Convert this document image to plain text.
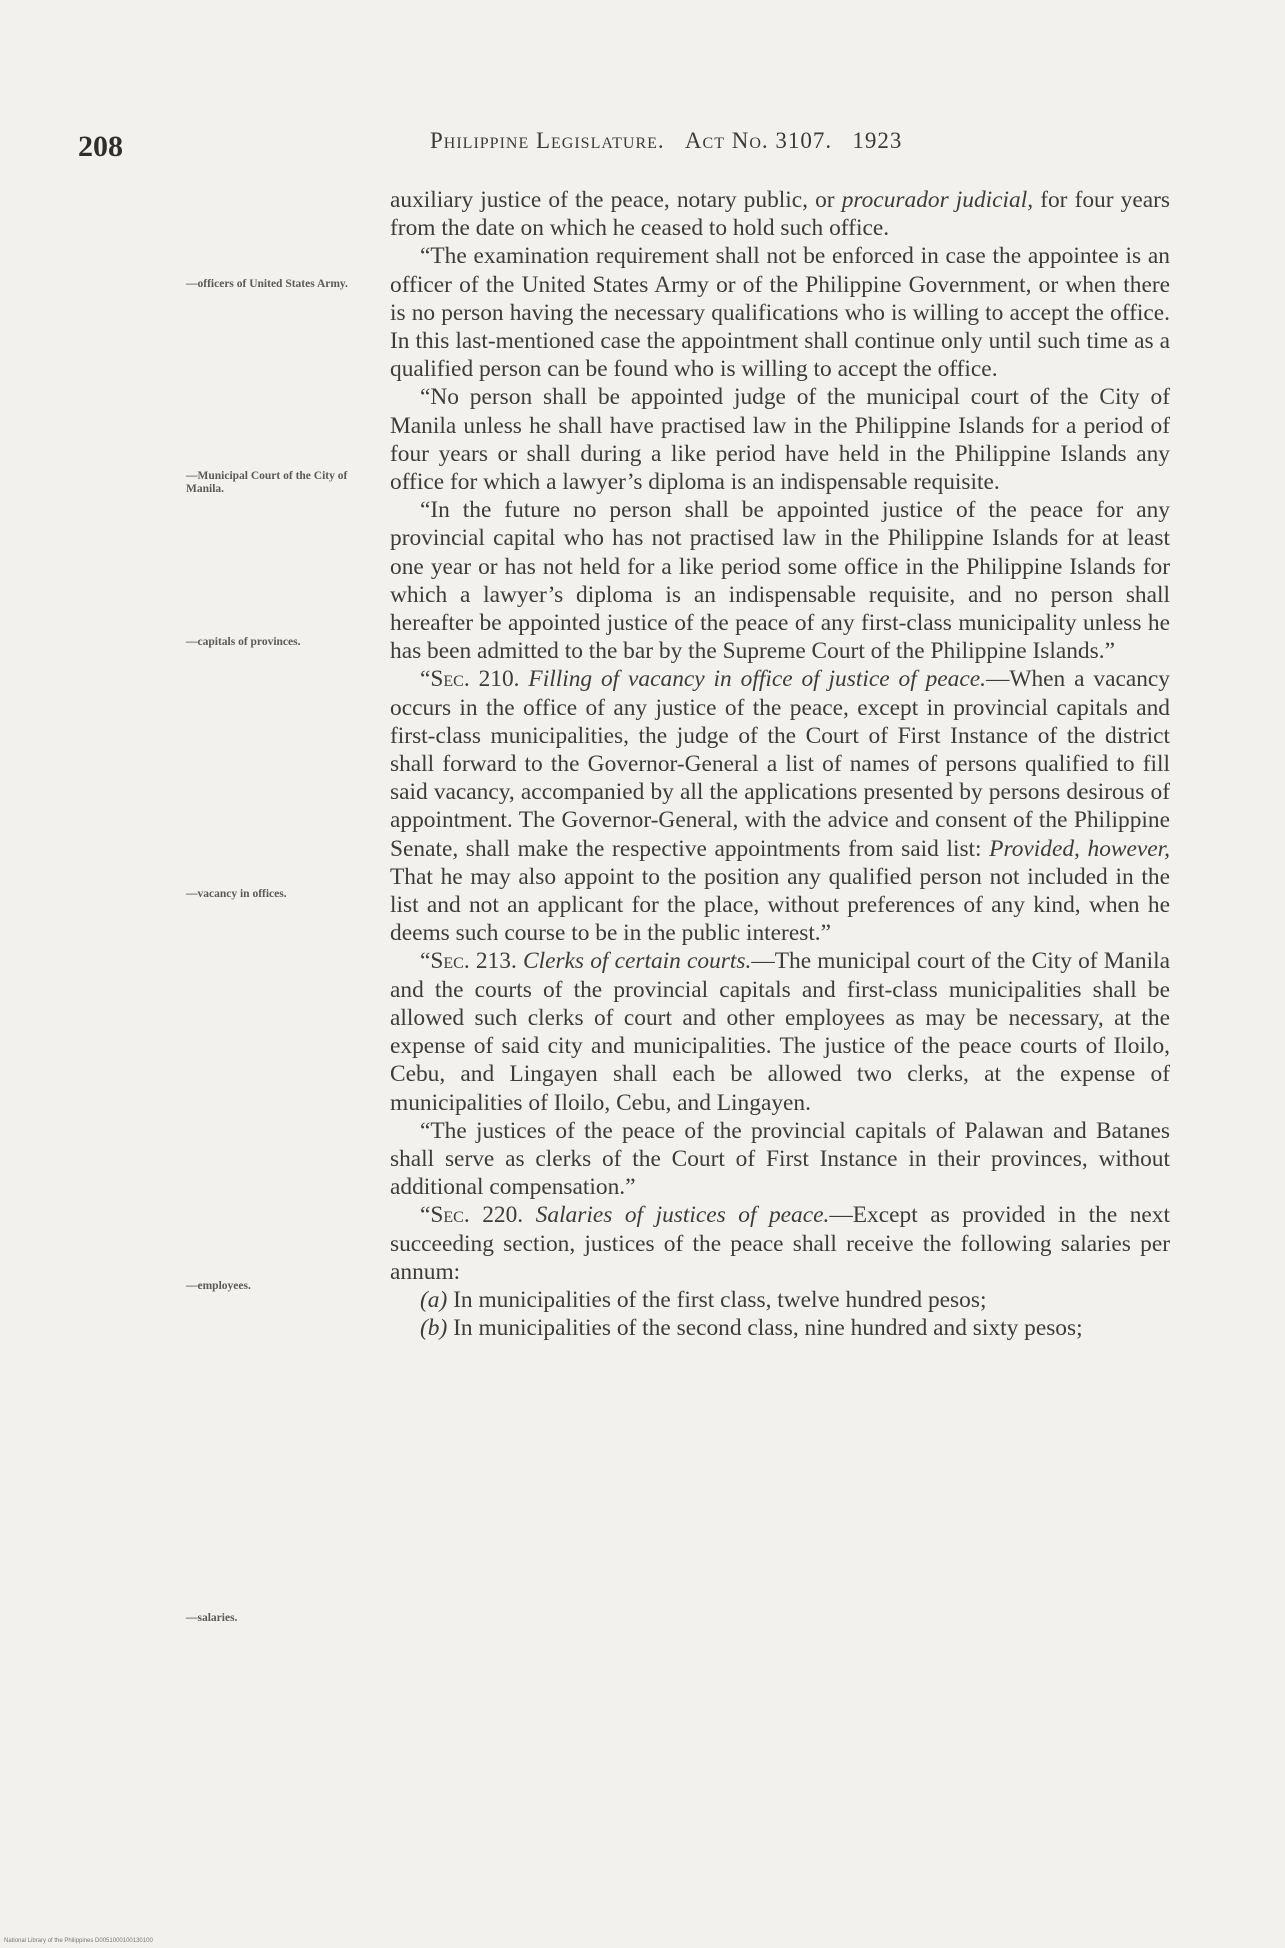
208	Philippine Legislature. Act No. 3107. 1923
—officers of United States Army.
—Municipal Court of the City of Manila.
—capitals of provinces.
—vacancy in offices.
—employees.
—salaries.

auxiliary justice of the peace, notary public, or procurador judicial, for four years from the date on which he ceased to hold such office.

“The examination requirement shall not be enforced in case the appointee is an officer of the United States Army or of the Philippine Government, or when there is no person having the necessary qualifications who is willing to accept the office. In this last-mentioned case the appointment shall continue only until such time as a qualified person can be found who is willing to accept the office.

“No person shall be appointed judge of the municipal court of the City of Manila unless he shall have practised law in the Philippine Islands for a period of four years or shall during a like period have held in the Philippine Islands any office for which a lawyer’s diploma is an indispensable requisite.

“In the future no person shall be appointed justice of the peace for any provincial capital who has not practised law in the Philippine Islands for at least one year or has not held for a like period some office in the Philippine Islands for which a lawyer’s diploma is an indispensable requisite, and no person shall hereafter be appointed justice of the peace of any first-class municipality unless he has been admitted to the bar by the Supreme Court of the Philippine Islands.”

“Sec. 210. Filling of vacancy in office of justice of peace.—When a vacancy occurs in the office of any justice of the peace, except in provincial capitals and first-class municipalities, the judge of the Court of First Instance of the district shall forward to the Governor-General a list of names of persons qualified to fill said vacancy, accompanied by all the applications presented by persons desirous of appointment. The Governor-General, with the advice and consent of the Philippine Senate, shall make the respective appointments from said list: Provided, however, That he may also appoint to the position any qualified person not included in the list and not an applicant for the place, without preferences of any kind, when he deems such course to be in the public interest.”

“Sec. 213. Clerks of certain courts.—The municipal court of the City of Manila and the courts of the provincial capitals and first-class municipalities shall be allowed such clerks of court and other employees as may be necessary, at the expense of said city and municipalities. The justice of the peace courts of Iloilo, Cebu, and Lingayen shall each be allowed two clerks, at the expense of municipalities of Iloilo, Cebu, and Lingayen.

“The justices of the peace of the provincial capitals of Palawan and Batanes shall serve as clerks of the Court of First Instance in their provinces, without additional compensation.”

“Sec. 220. Salaries of justices of peace.—Except as provided in the next succeeding section, justices of the peace shall receive the following salaries per annum:

(a) In municipalities of the first class, twelve hundred pesos;

(b) In municipalities of the second class, nine hundred and sixty pesos;

National Library of the Philippines D0051000100130100
